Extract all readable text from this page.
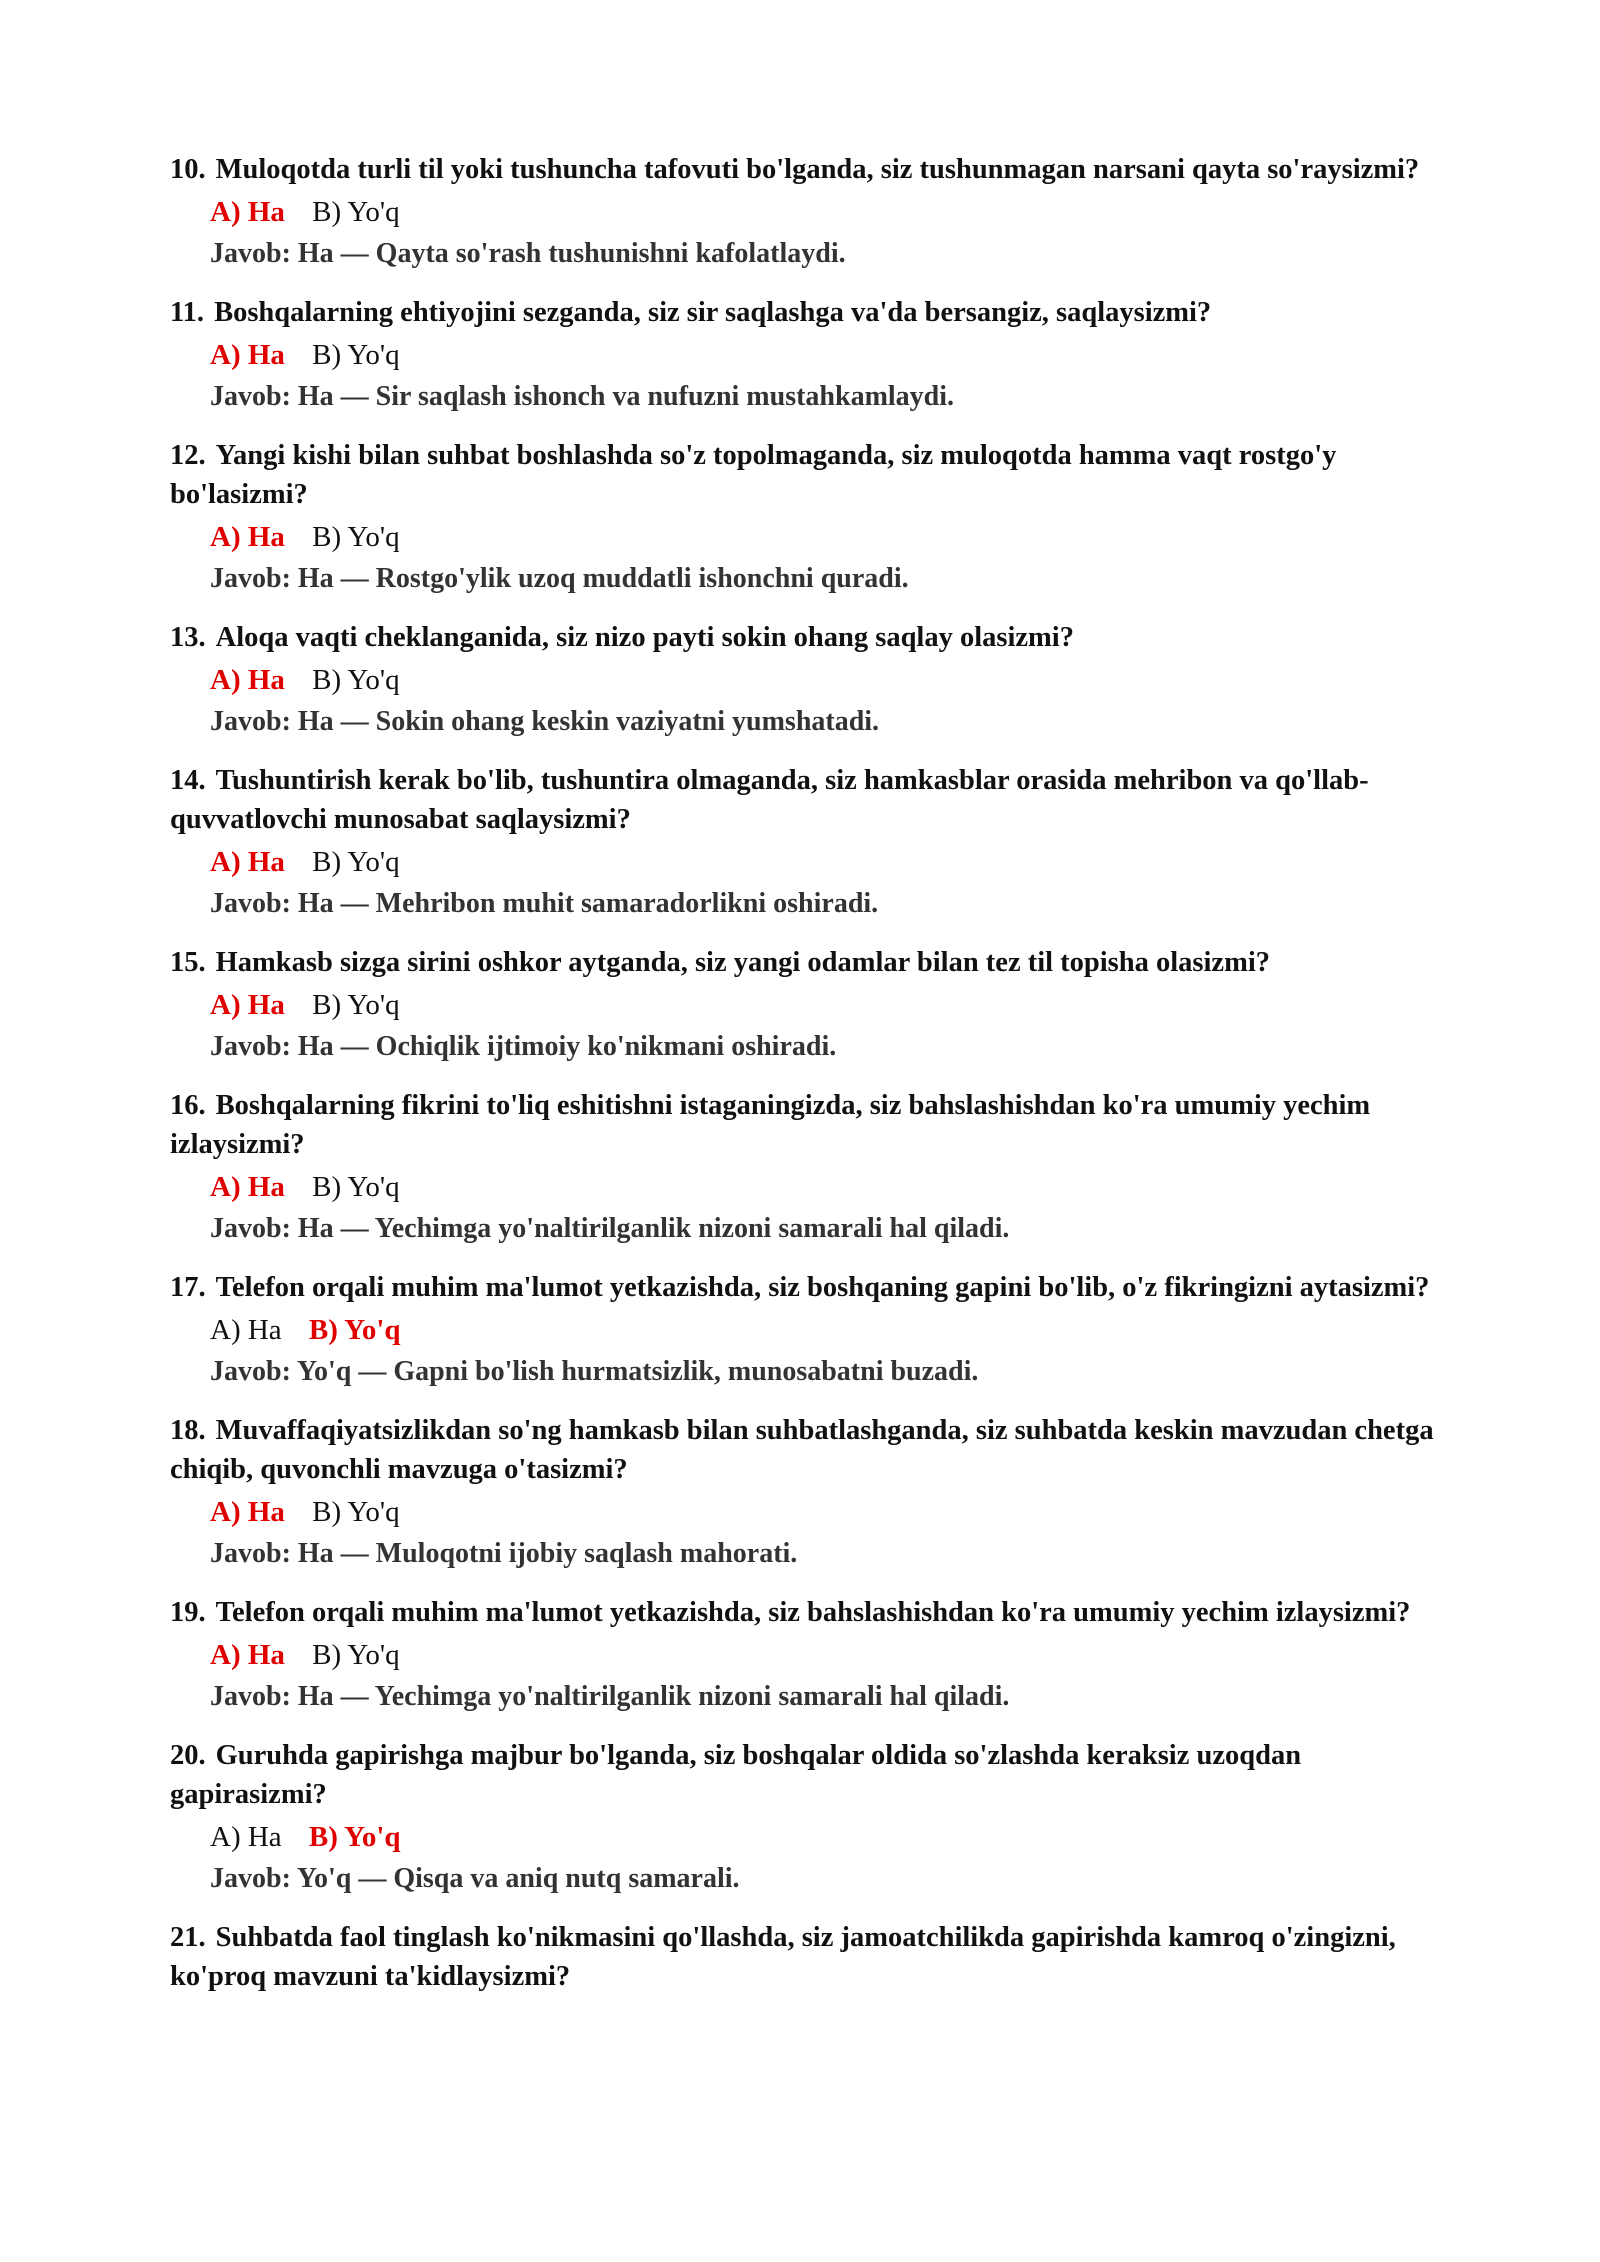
10. Muloqotda turli til yoki tushuncha tafovuti bo'lganda, siz tushunmagan narsani qayta so'raysizmi?

A) Ha B) Yo'q
Javob: Ha — Qayta so'rash tushunishni kafolatlaydi.

11. Boshqalarning ehtiyojini sezganda, siz sir saqlashga va'da bersangiz, saqlaysizmi?

A) Ha B) Yo'q
Javob: Ha — Sir saqlash ishonch va nufuzni mustahkamlaydi.

12. Yangi kishi bilan suhbat boshlashda so'z topolmaganda, siz muloqotda hamma vaqt rostgo'y bo'lasizmi?

A) Ha B) Yo'q
Javob: Ha — Rostgo'ylik uzoq muddatli ishonchni quradi.

13. Aloqa vaqti cheklanganida, siz nizo payti sokin ohang saqlay olasizmi?

A) Ha B) Yo'q
Javob: Ha — Sokin ohang keskin vaziyatni yumshatadi.

14. Tushuntirish kerak bo'lib, tushuntira olmaganda, siz hamkasblar orasida mehribon va qo'llab-quvvatlovchi munosabat saqlaysizmi?

A) Ha B) Yo'q
Javob: Ha — Mehribon muhit samaradorlikni oshiradi.

15. Hamkasb sizga sirini oshkor aytganda, siz yangi odamlar bilan tez til topisha olasizmi?

A) Ha B) Yo'q
Javob: Ha — Ochiqlik ijtimoiy ko'nikmani oshiradi.

16. Boshqalarning fikrini to'liq eshitishni istaganingizda, siz bahslashishdan ko'ra umumiy yechim izlaysizmi?

A) Ha B) Yo'q
Javob: Ha — Yechimga yo'naltirilganlik nizoni samarali hal qiladi.

17. Telefon orqali muhim ma'lumot yetkazishda, siz boshqaning gapini bo'lib, o'z fikringizni aytasizmi?

A) Ha B) Yo'q
Javob: Yo'q — Gapni bo'lish hurmatsizlik, munosabatni buzadi.

18. Muvaffaqiyatsizlikdan so'ng hamkasb bilan suhbatlashganda, siz suhbatda keskin mavzudan chetga chiqib, quvonchli mavzuga o'tasizmi?

A) Ha B) Yo'q
Javob: Ha — Muloqotni ijobiy saqlash mahorati.

19. Telefon orqali muhim ma'lumot yetkazishda, siz bahslashishdan ko'ra umumiy yechim izlaysizmi?

A) Ha B) Yo'q
Javob: Ha — Yechimga yo'naltirilganlik nizoni samarali hal qiladi.

20. Guruhda gapirishga majbur bo'lganda, siz boshqalar oldida so'zlashda keraksiz uzoqdan gapirasizmi?

A) Ha B) Yo'q
Javob: Yo'q — Qisqa va aniq nutq samarali.

21. Suhbatda faol tinglash ko'nikmasini qo'llashda, siz jamoatchilikda gapirishda kamroq o'zingizni, ko'proq mavzuni ta'kidlaysizmi?
